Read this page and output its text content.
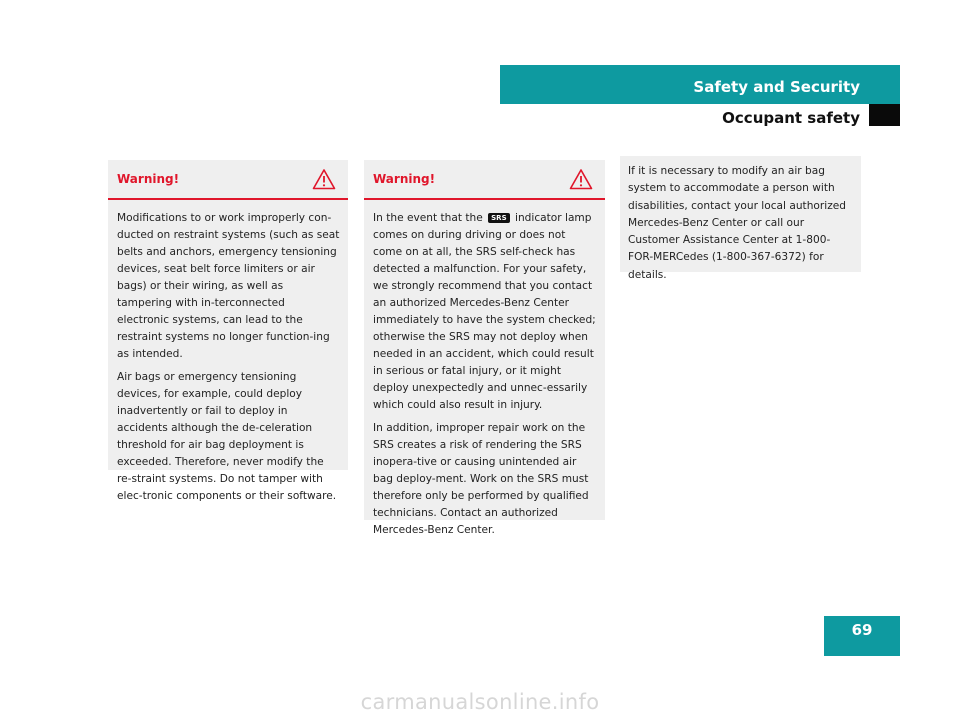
Safety and Security
Occupant safety
Warning!

Modifications to or work improperly con-ducted on restraint systems (such as seat belts and anchors, emergency tensioning devices, seat belt force limiters or air bags) or their wiring, as well as tampering with in-terconnected electronic systems, can lead to the restraint systems no longer function-ing as intended.

Air bags or emergency tensioning devices, for example, could deploy inadvertently or fail to deploy in accidents although the de-celeration threshold for air bag deployment is exceeded. Therefore, never modify the re-straint systems. Do not tamper with elec-tronic components or their software.

Warning!

In the event that the SRS indicator lamp comes on during driving or does not come on at all, the SRS self-check has detected a malfunction. For your safety, we strongly recommend that you contact an authorized Mercedes-Benz Center immediately to have the system checked; otherwise the SRS may not deploy when needed in an accident, which could result in serious or fatal injury, or it might deploy unexpectedly and unnec-essarily which could also result in injury.

In addition, improper repair work on the SRS creates a risk of rendering the SRS inopera-tive or causing unintended air bag deploy-ment. Work on the SRS must therefore only be performed by qualified technicians. Contact an authorized Mercedes-Benz Center.

If it is necessary to modify an air bag system to accommodate a person with disabilities, contact your local authorized Mercedes-Benz Center or call our Customer Assistance Center at 1-800-FOR-MERCedes (1-800-367-6372) for details.
69
carmanualsonline.info
